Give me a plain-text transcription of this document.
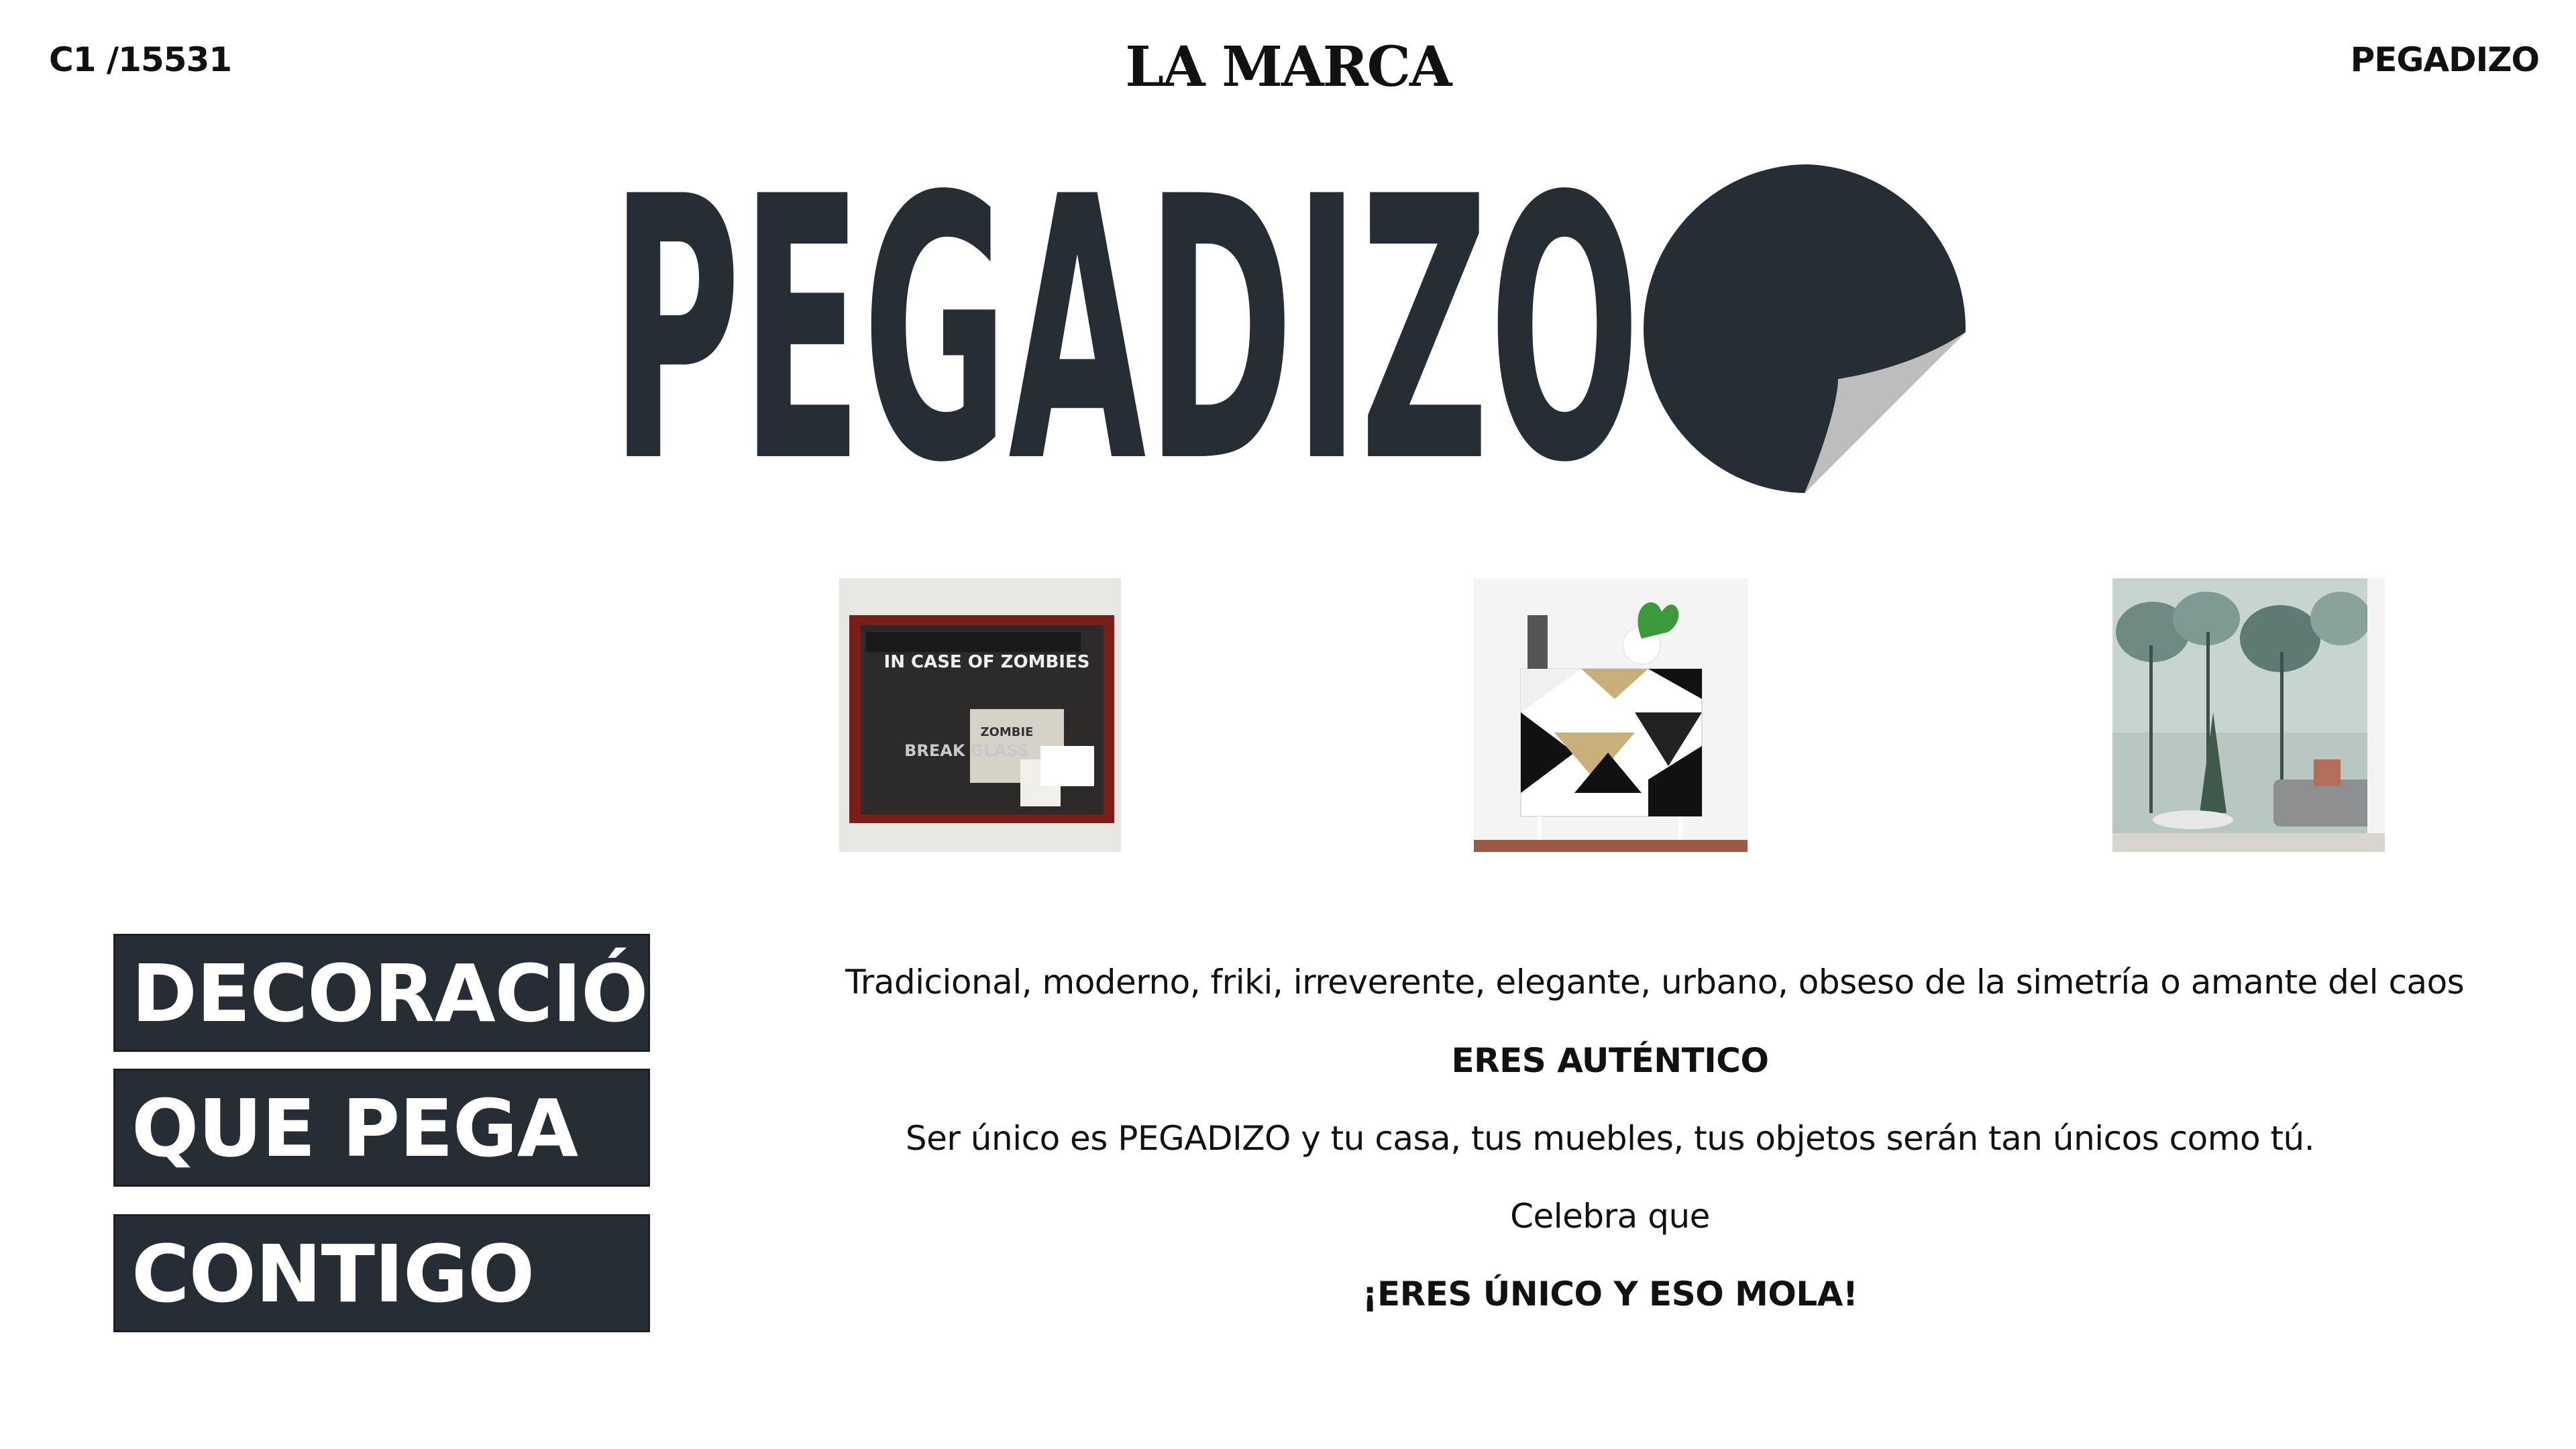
C1 /15531	LA MARCA	PEGADIZO
PEGADIZO
IN CASE OF ZOMBIES
ZOMBIE
BREAK GLASS
DECORACIÓN
QUE PEGA
CONTIGO
Tradicional, moderno, friki, irreverente, elegante, urbano, obseso de la simetría o amante del caos
ERES AUTÉNTICO
Ser único es PEGADIZO y tu casa, tus muebles, tus objetos serán tan únicos como tú.
Celebra que
¡ERES ÚNICO Y ESO MOLA!
